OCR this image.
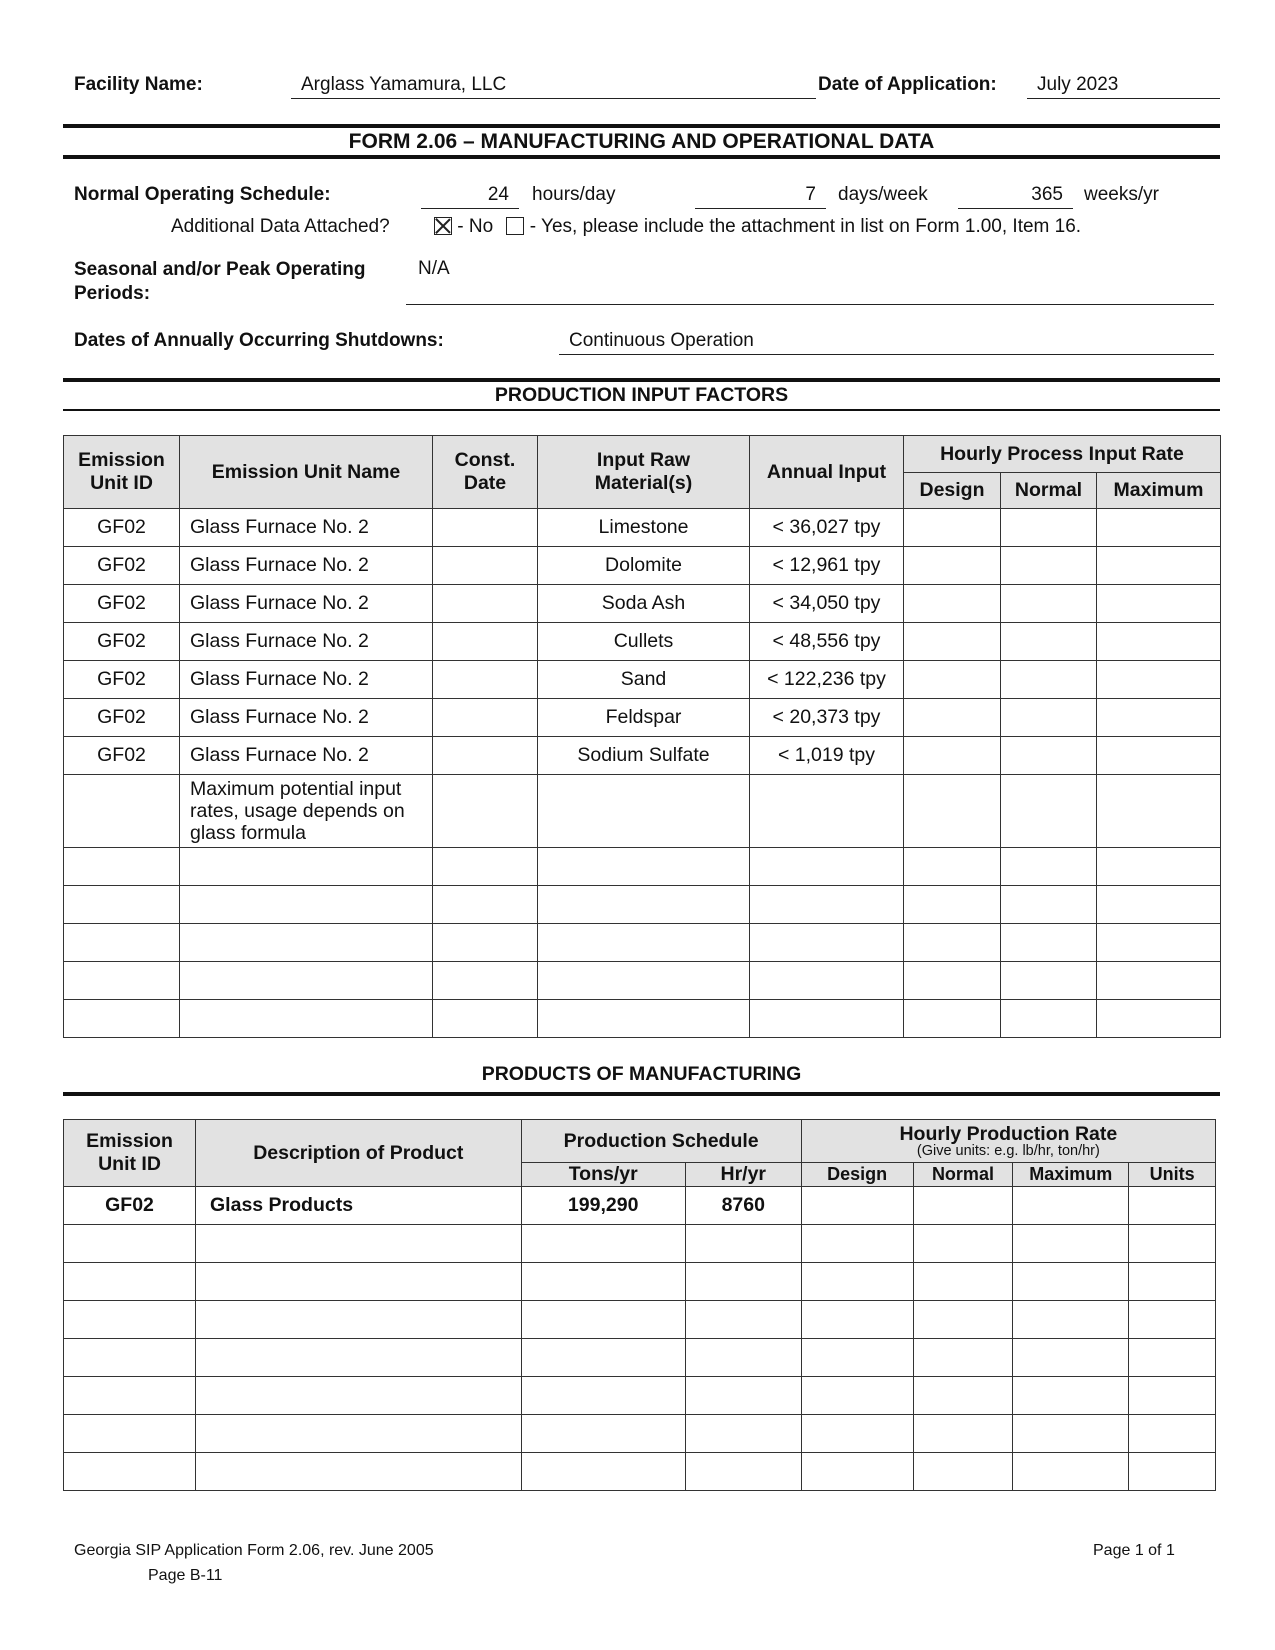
Facility Name:	Arglass Yamamura, LLC	Date of Application:	July 2023
FORM 2.06 – MANUFACTURING AND OPERATIONAL DATA
Normal Operating Schedule:	24	hours/day	7	days/week	365	weeks/yr
Additional Data Attached?	- No - Yes, please include the attachment in list on Form 1.00, Item 16.
Seasonal and/or Peak Operating
Periods:
N/A
Dates of Annually Occurring Shutdowns:	Continuous Operation
PRODUCTION INPUT FACTORS
Emission Unit ID	Emission Unit Name	Const. Date	Input Raw Material(s)	Annual Input	Hourly Process Input Rate		
					Design	Normal	Maximum
GF02	Glass Furnace No. 2		Limestone	< 36,027 tpy			
GF02	Glass Furnace No. 2		Dolomite	< 12,961 tpy			
GF02	Glass Furnace No. 2		Soda Ash	< 34,050 tpy			
GF02	Glass Furnace No. 2		Cullets	< 48,556 tpy			
GF02	Glass Furnace No. 2		Sand	< 122,236 tpy			
GF02	Glass Furnace No. 2		Feldspar	< 20,373 tpy			
GF02	Glass Furnace No. 2		Sodium Sulfate	< 1,019 tpy			
	Maximum potential input rates, usage depends on glass formula						

PRODUCTS OF MANUFACTURING
Emission Unit ID	Description of Product	Production Schedule		Hourly Production Rate
(Give units: e.g. lb/hr, ton/hr)			

		Tons/yr	Hr/yr	Design	Normal	Maximum	Units
GF02	Glass Products	199,290	8760				

Georgia SIP Application Form 2.06, rev. June 2005
Page B-11
Page 1 of 1
